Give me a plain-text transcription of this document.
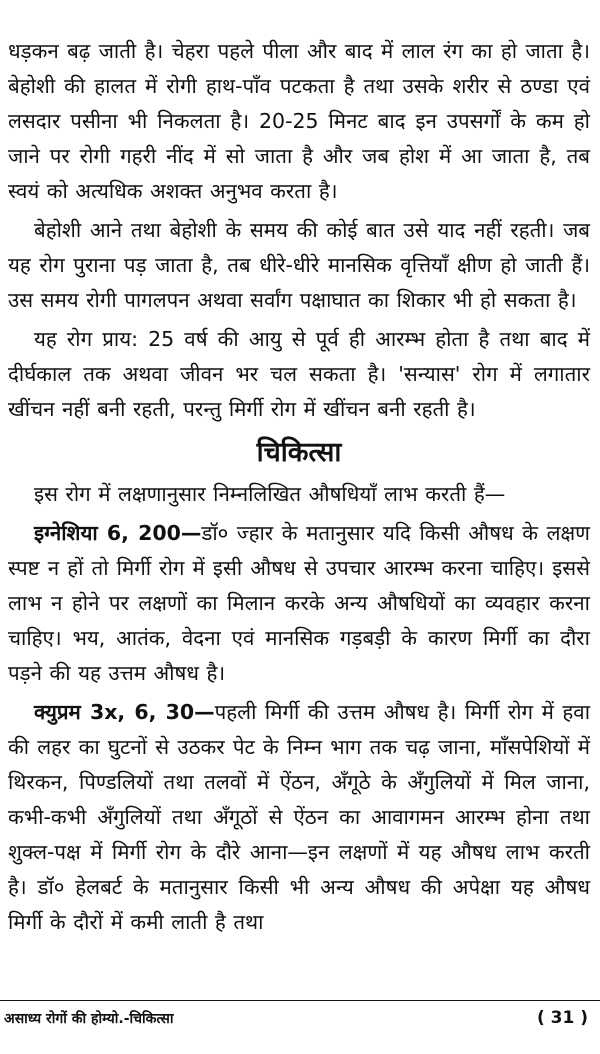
धड़कन बढ़ जाती है। चेहरा पहले पीला और बाद में लाल रंग का हो जाता है। बेहोशी की हालत में रोगी हाथ-पाँव पटकता है तथा उसके शरीर से ठण्डा एवं लसदार पसीना भी निकलता है। 20-25 मिनट बाद इन उपसर्गों के कम हो जाने पर रोगी गहरी नींद में सो जाता है और जब होश में आ जाता है, तब स्वयं को अत्यधिक अशक्त अनुभव करता है।

बेहोशी आने तथा बेहोशी के समय की कोई बात उसे याद नहीं रहती। जब यह रोग पुराना पड़ जाता है, तब धीरे-धीरे मानसिक वृत्तियाँ क्षीण हो जाती हैं। उस समय रोगी पागलपन अथवा सर्वांग पक्षाघात का शिकार भी हो सकता है।

यह रोग प्राय: 25 वर्ष की आयु से पूर्व ही आरम्भ होता है तथा बाद में दीर्घकाल तक अथवा जीवन भर चल सकता है। 'सन्यास' रोग में लगातार खींचन नहीं बनी रहती, परन्तु मिर्गी रोग में खींचन बनी रहती है।

चिकित्सा

इस रोग में लक्षणानुसार निम्नलिखित औषधियाँ लाभ करती हैं—

इग्नेशिया 6, 200—डॉ० ज्हार के मतानुसार यदि किसी औषध के लक्षण स्पष्ट न हों तो मिर्गी रोग में इसी औषध से उपचार आरम्भ करना चाहिए। इससे लाभ न होने पर लक्षणों का मिलान करके अन्य औषधियों का व्यवहार करना चाहिए। भय, आतंक, वेदना एवं मानसिक गड़बड़ी के कारण मिर्गी का दौरा पड़ने की यह उत्तम औषध है।

क्युप्रम 3x, 6, 30—पहली मिर्गी की उत्तम औषध है। मिर्गी रोग में हवा की लहर का घुटनों से उठकर पेट के निम्न भाग तक चढ़ जाना, माँसपेशियों में थिरकन, पिण्डलियों तथा तलवों में ऐंठन, अँगूठे के अँगुलियों में मिल जाना, कभी-कभी अँगुलियों तथा अँगूठों से ऐंठन का आवागमन आरम्भ होना तथा शुक्ल-पक्ष में मिर्गी रोग के दौरे आना—इन लक्षणों में यह औषध लाभ करती है। डॉ० हेलबर्ट के मतानुसार किसी भी अन्य औषध की अपेक्षा यह औषध मिर्गी के दौरों में कमी लाती है तथा

असाध्य रोगों की होम्यो.-चिकित्सा	( 31 )
